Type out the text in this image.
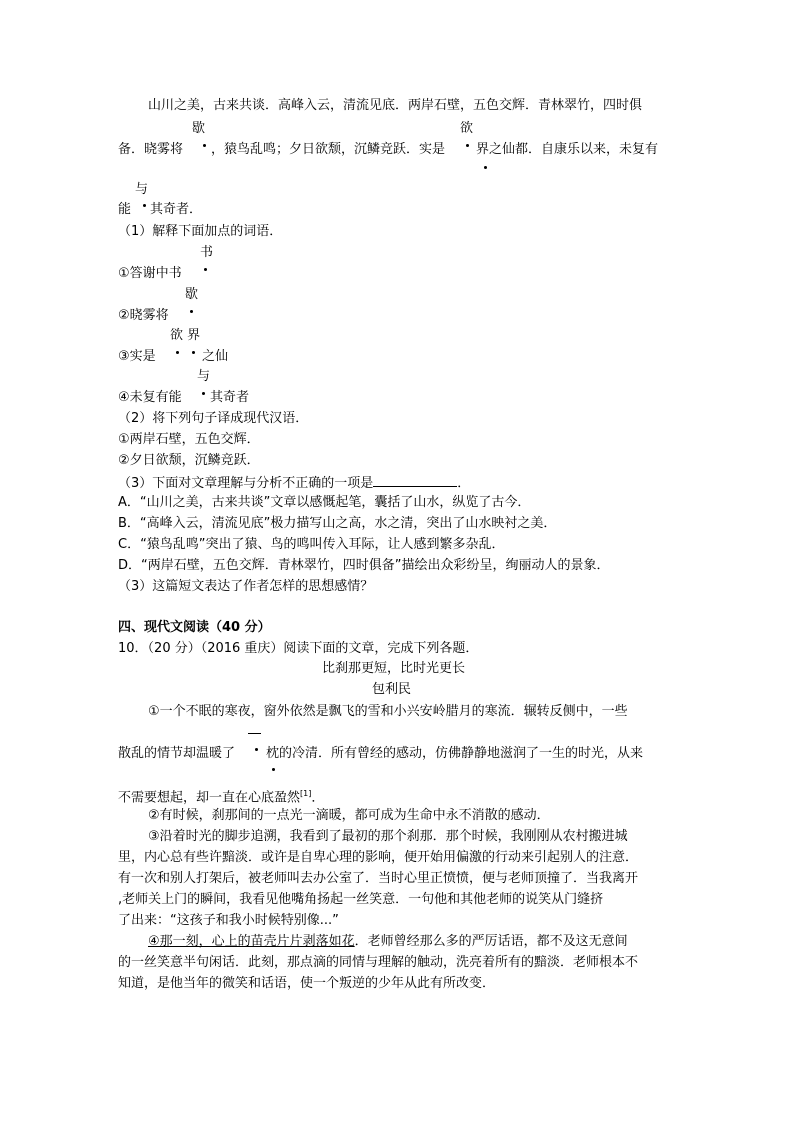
山川之美，古来共谈．高峰入云，清流见底．两岸石壁，五色交辉．青林翠竹，四时俱
歇	欲
备．晓雾将 ，猿鸟乱鸣；夕日欲颓，沉鳞竞跃．实是 界之仙都．自康乐以来，未复有
与
能 其奇者．
（1）解释下面加点的词语．
书
①答谢中书
歇
②晓雾将
欲 界
③实是	之仙
与
④未复有能 其奇者
（2）将下列句子译成现代汉语．
①两岸石壁，五色交辉．
②夕日欲颓，沉鳞竞跃．
（3）下面对文章理解与分析不正确的一项是	．
A．“山川之美，古来共谈”文章以感慨起笔，囊括了山水，纵览了古今．
B．“高峰入云，清流见底”极力描写山之高，水之清，突出了山水映衬之美．
C．“猿鸟乱鸣”突出了猿、鸟的鸣叫传入耳际，让人感到繁多杂乱．
D．“两岸石壁，五色交辉．青林翠竹，四时俱备”描绘出众彩纷呈，绚丽动人的景象．
（3）这篇短文表达了作者怎样的思想感情？
四、现代文阅读（40 分）
10．（20 分）（2016 重庆）阅读下面的文章，完成下列各题．
比刹那更短，比时光更长
包利民
①一个不眠的寒夜，窗外依然是飘飞的雪和小兴安岭腊月的寒流．辗转反侧中，一些
散乱的情节却温暖了 枕的冷清．所有曾经的感动，仿佛静静地滋润了一生的时光，从来
不需要想起，却一直在心底盈然[1]．
②有时候，刹那间的一点光一滴暖，都可成为生命中永不消散的感动．
③沿着时光的脚步追溯，我看到了最初的那个刹那．那个时候，我刚刚从农村搬进城
里，内心总有些许黯淡．或许是自卑心理的影响，便开始用偏激的行动来引起别人的注意．
有一次和别人打架后，被老师叫去办公室了．当时心里正愤愤，便与老师顶撞了．当我离开
,老师关上门的瞬间，我看见他嘴角扬起一丝笑意．一句他和其他老师的说笑从门缝挤
了出来：“这孩子和我小时候特别像...”
④那一刻，心上的苗壳片片剥落如花．老师曾经那么多的严厉话语，都不及这无意间
的一丝笑意半句闲话．此刻，那点滴的同情与理解的触动，洗亮着所有的黯淡．老师根本不
知道，是他当年的微笑和话语，使一个叛逆的少年从此有所改变．
